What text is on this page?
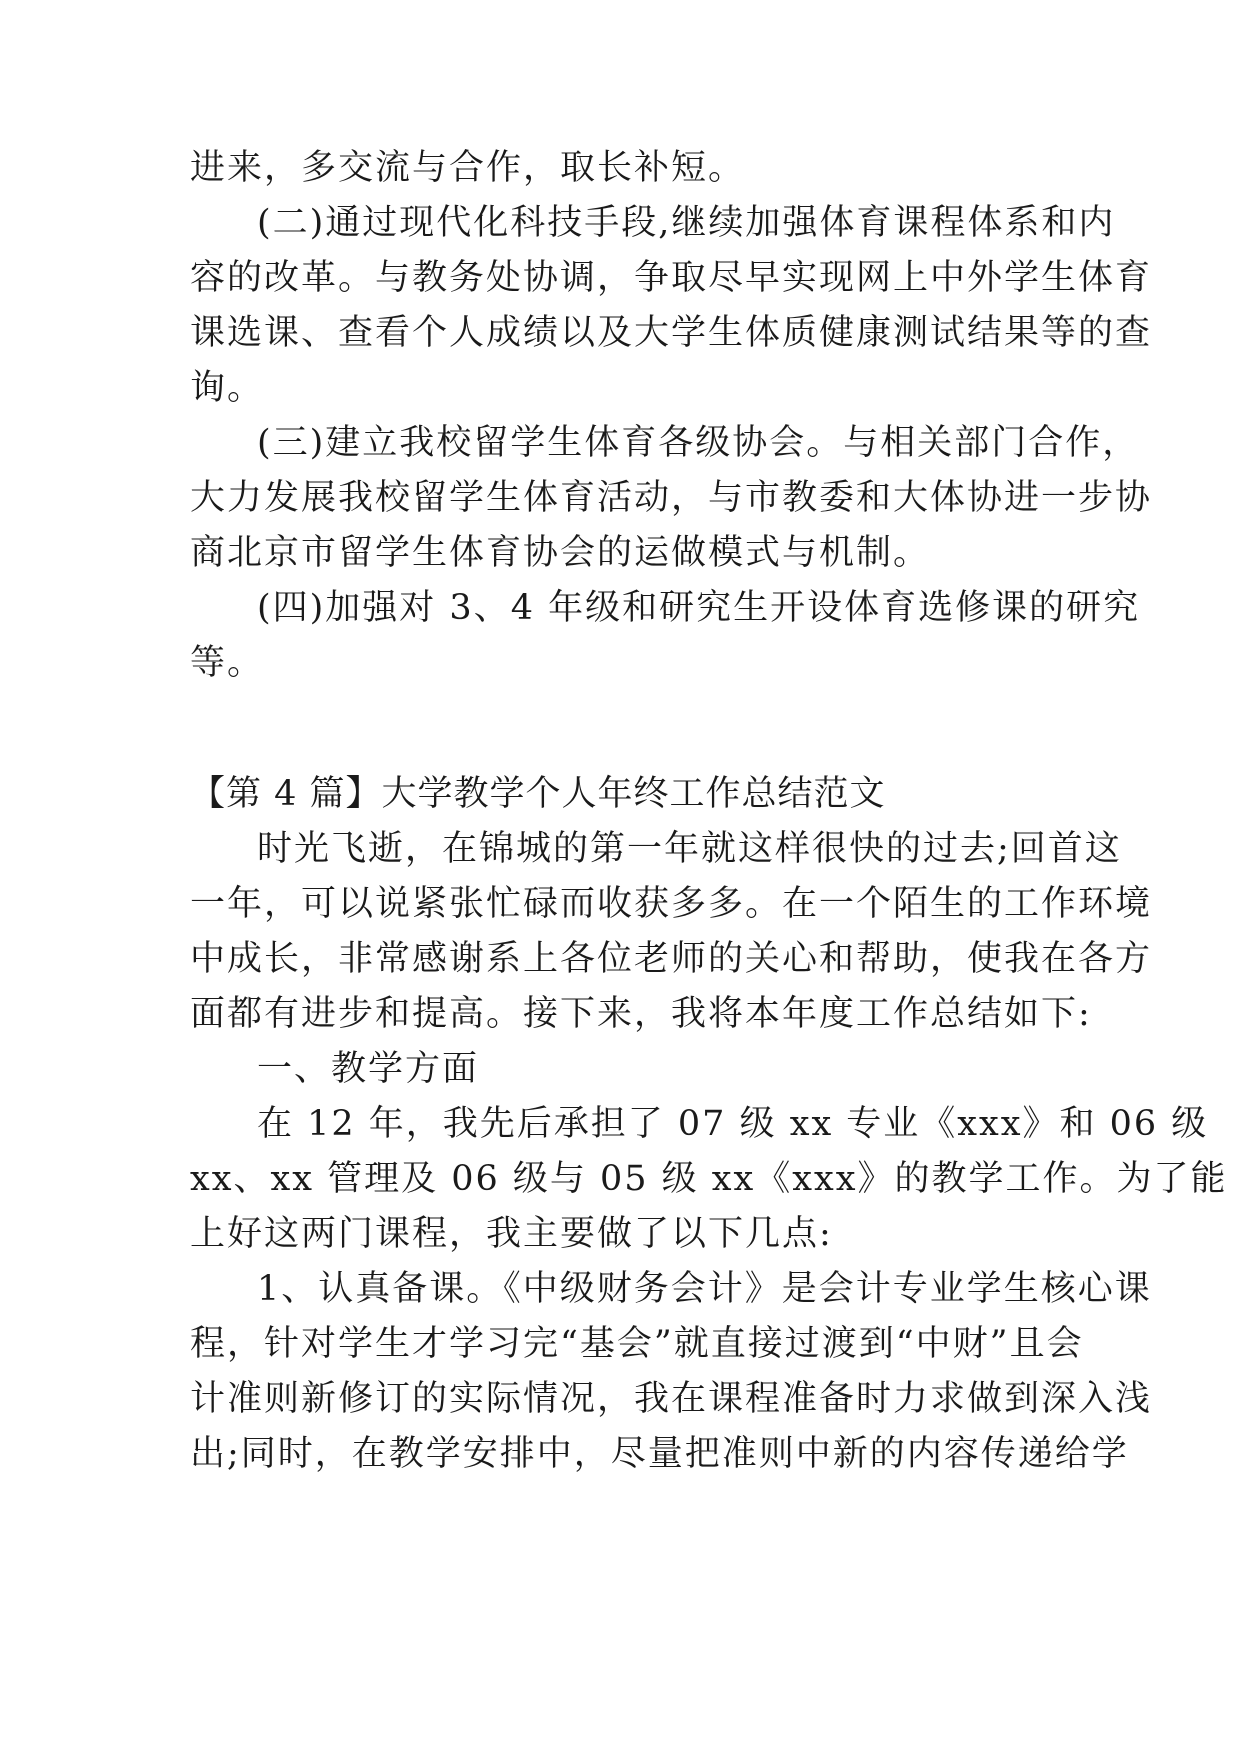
进来，多交流与合作，取长补短。
(二)通过现代化科技手段,继续加强体育课程体系和内
容的改革。与教务处协调，争取尽早实现网上中外学生体育
课选课、查看个人成绩以及大学生体质健康测试结果等的查
询。
(三)建立我校留学生体育各级协会。与相关部门合作，
大力发展我校留学生体育活动，与市教委和大体协进一步协
商北京市留学生体育协会的运做模式与机制。
(四)加强对 3、4 年级和研究生开设体育选修课的研究
等。
【第 4 篇】大学教学个人年终工作总结范文
时光飞逝，在锦城的第一年就这样很快的过去;回首这
一年，可以说紧张忙碌而收获多多。在一个陌生的工作环境
中成长，非常感谢系上各位老师的关心和帮助，使我在各方
面都有进步和提高。接下来，我将本年度工作总结如下:
一、教学方面
在 12 年，我先后承担了 07 级 xx 专业《xxx》和 06 级
xx、xx 管理及 06 级与 05 级 xx《xxx》的教学工作。为了能
上好这两门课程，我主要做了以下几点:
1、认真备课。《中级财务会计》是会计专业学生核心课
程，针对学生才学习完“基会”就直接过渡到“中财”且会
计准则新修订的实际情况，我在课程准备时力求做到深入浅
出;同时，在教学安排中，尽量把准则中新的内容传递给学
